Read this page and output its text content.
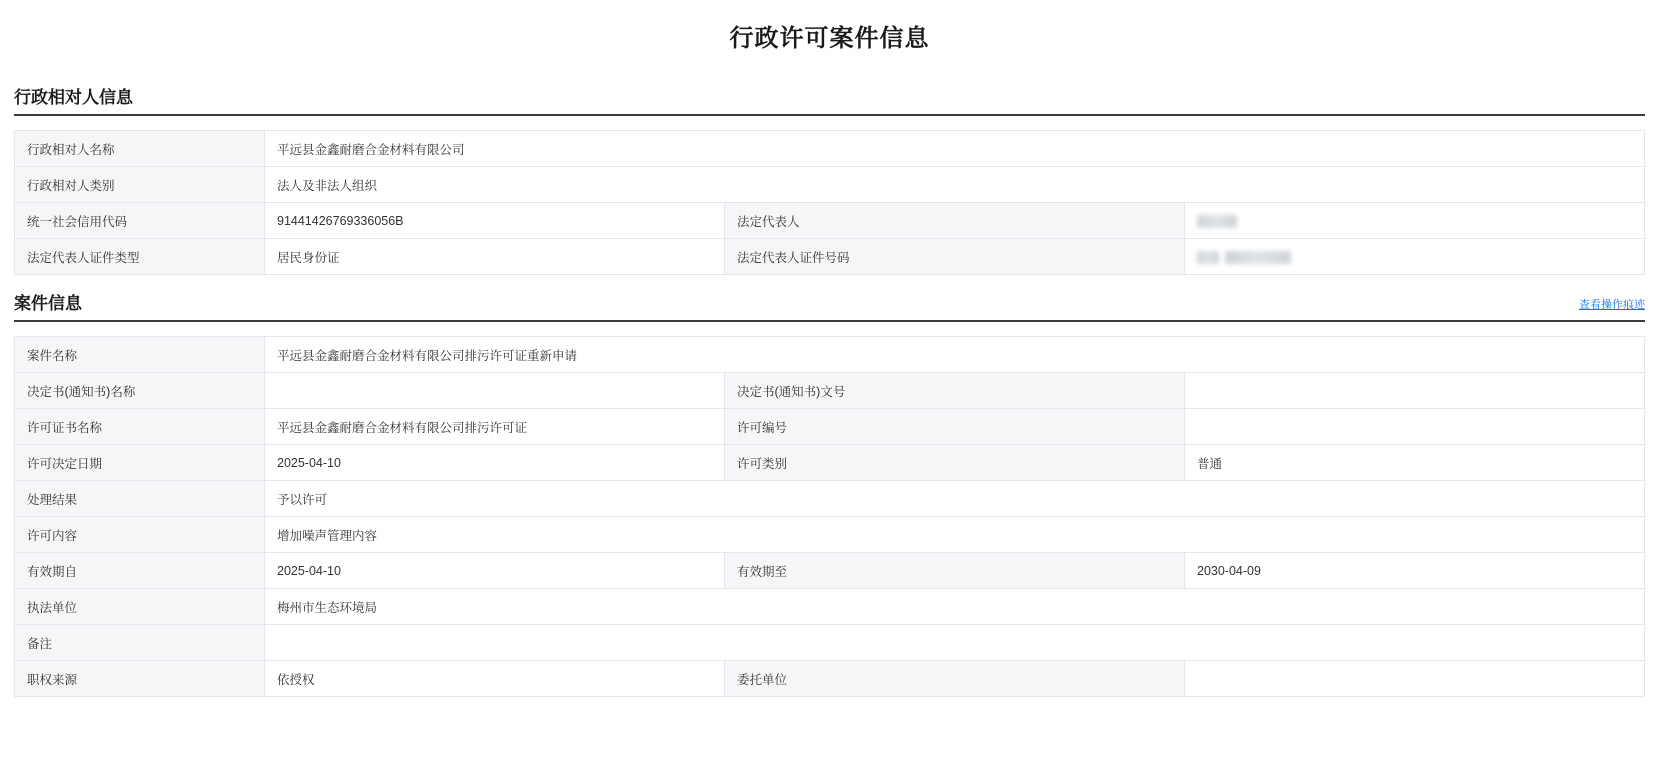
行政许可案件信息
行政相对人信息
行政相对人名称	平远县金鑫耐磨合金材料有限公司		
行政相对人类别	法人及非法人组织		
统一社会信用代码	91441426769336056B	法定代表人	
法定代表人证件类型	居民身份证	法定代表人证件号码	
案件信息	查看操作痕迹
案件名称	平远县金鑫耐磨合金材料有限公司排污许可证重新申请		
决定书(通知书)名称		决定书(通知书)文号	
许可证书名称	平远县金鑫耐磨合金材料有限公司排污许可证	许可编号	
许可决定日期	2025-04-10	许可类别	普通
处理结果	予以许可		
许可内容	增加噪声管理内容		
有效期自	2025-04-10	有效期至	2030-04-09
执法单位	梅州市生态环境局		
备注			
职权来源	依授权	委托单位	
